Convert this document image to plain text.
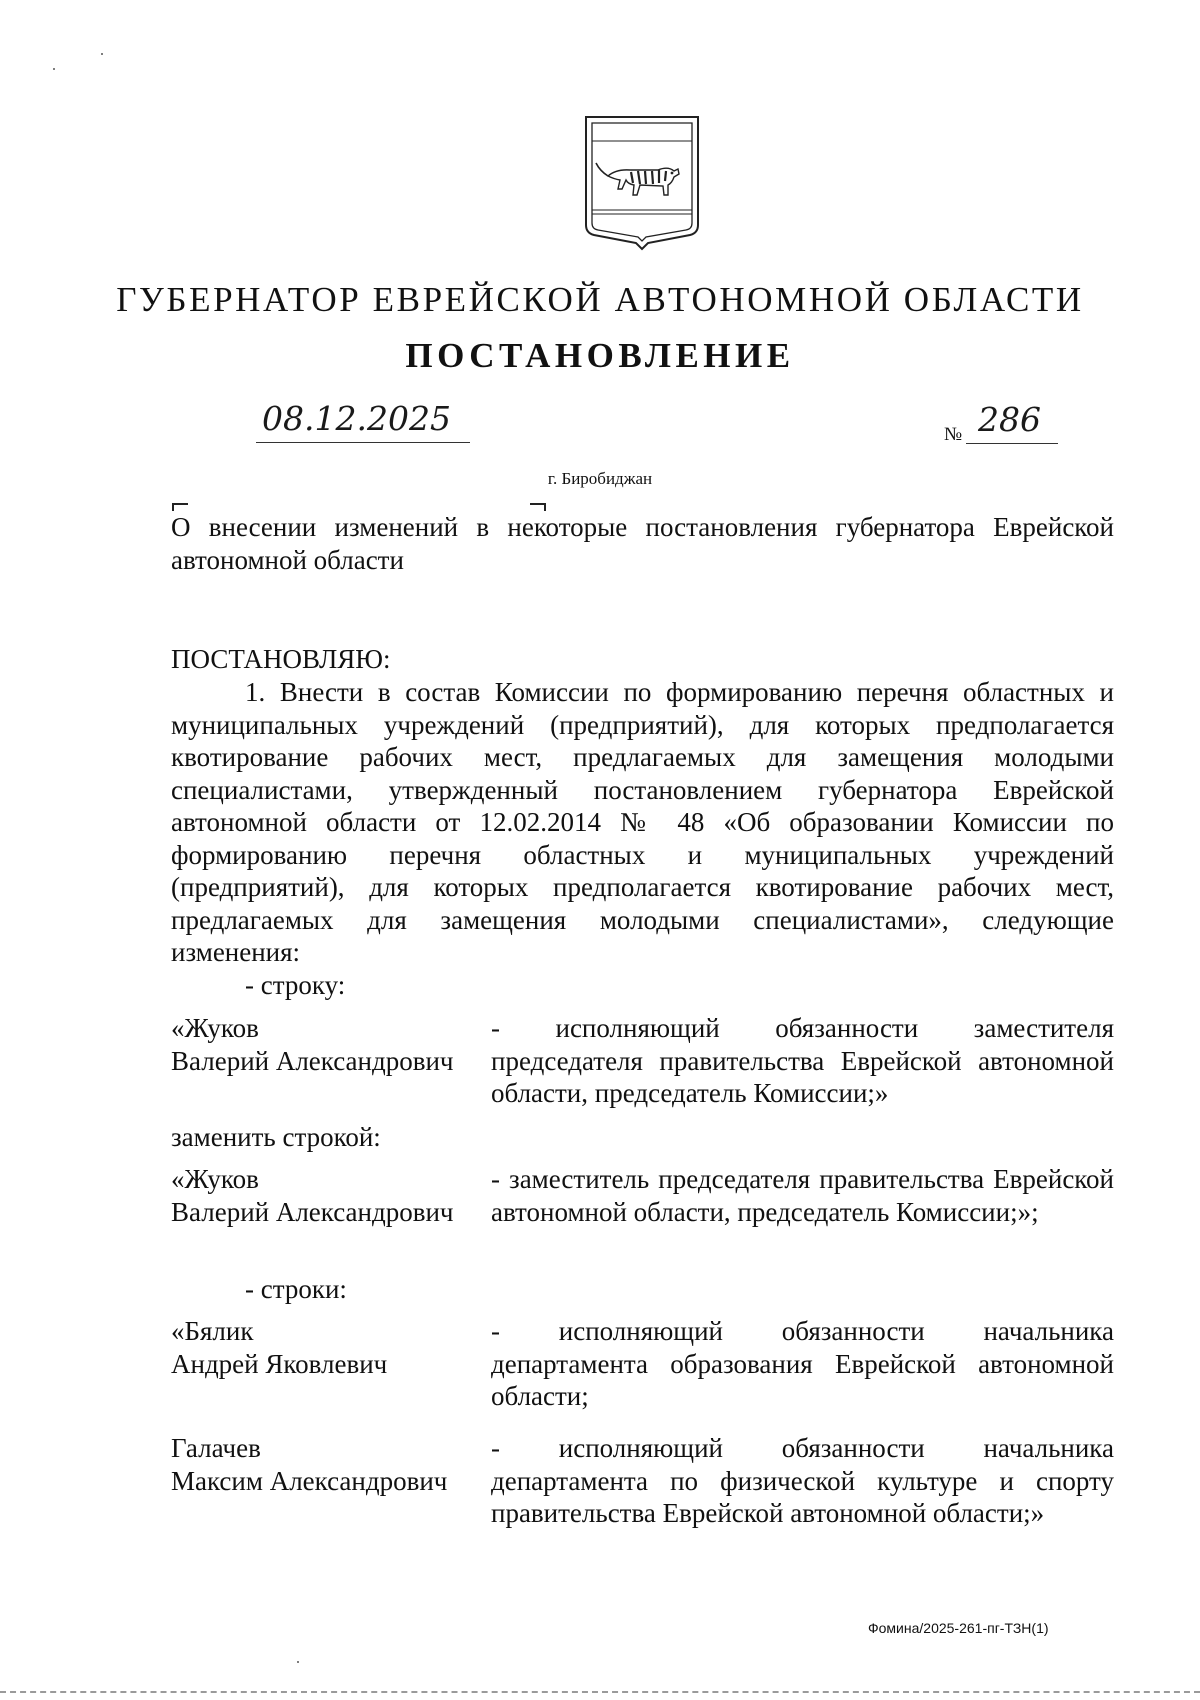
ГУБЕРНАТОР ЕВРЕЙСКОЙ АВТОНОМНОЙ ОБЛАСТИ
ПОСТАНОВЛЕНИЕ
08.12.2025	№ 286
г. Биробиджан
О внесении изменений в некоторые постановления губернатора Еврейской автономной области
ПОСТАНОВЛЯЮ:
1. Внести в состав Комиссии по формированию перечня областных и муниципальных учреждений (предприятий), для которых предполагается квотирование рабочих мест, предлагаемых для замещения молодыми специалистами, утвержденный постановлением губернатора Еврейской автономной области от 12.02.2014 № 48 «Об образовании Комиссии по формированию перечня областных и муниципальных учреждений (предприятий), для которых предполагается квотирование рабочих мест, предлагаемых для замещения молодыми специалистами», следующие изменения:
- строку:
«Жуков
Валерий Александрович
- исполняющий обязанности заместителя председателя правительства Еврейской автономной области, председатель Комиссии;»
заменить строкой:
«Жуков
Валерий Александрович
- заместитель председателя правительства Еврейской автономной области, председатель Комиссии;»;
- строки:
«Бялик
Андрей Яковлевич
- исполняющий обязанности начальника департамента образования Еврейской автономной области;
Галачев
Максим Александрович
- исполняющий обязанности начальника департамента по физической культуре и спорту правительства Еврейской автономной области;»
Фомина/2025-261-пг-ТЗН(1)
